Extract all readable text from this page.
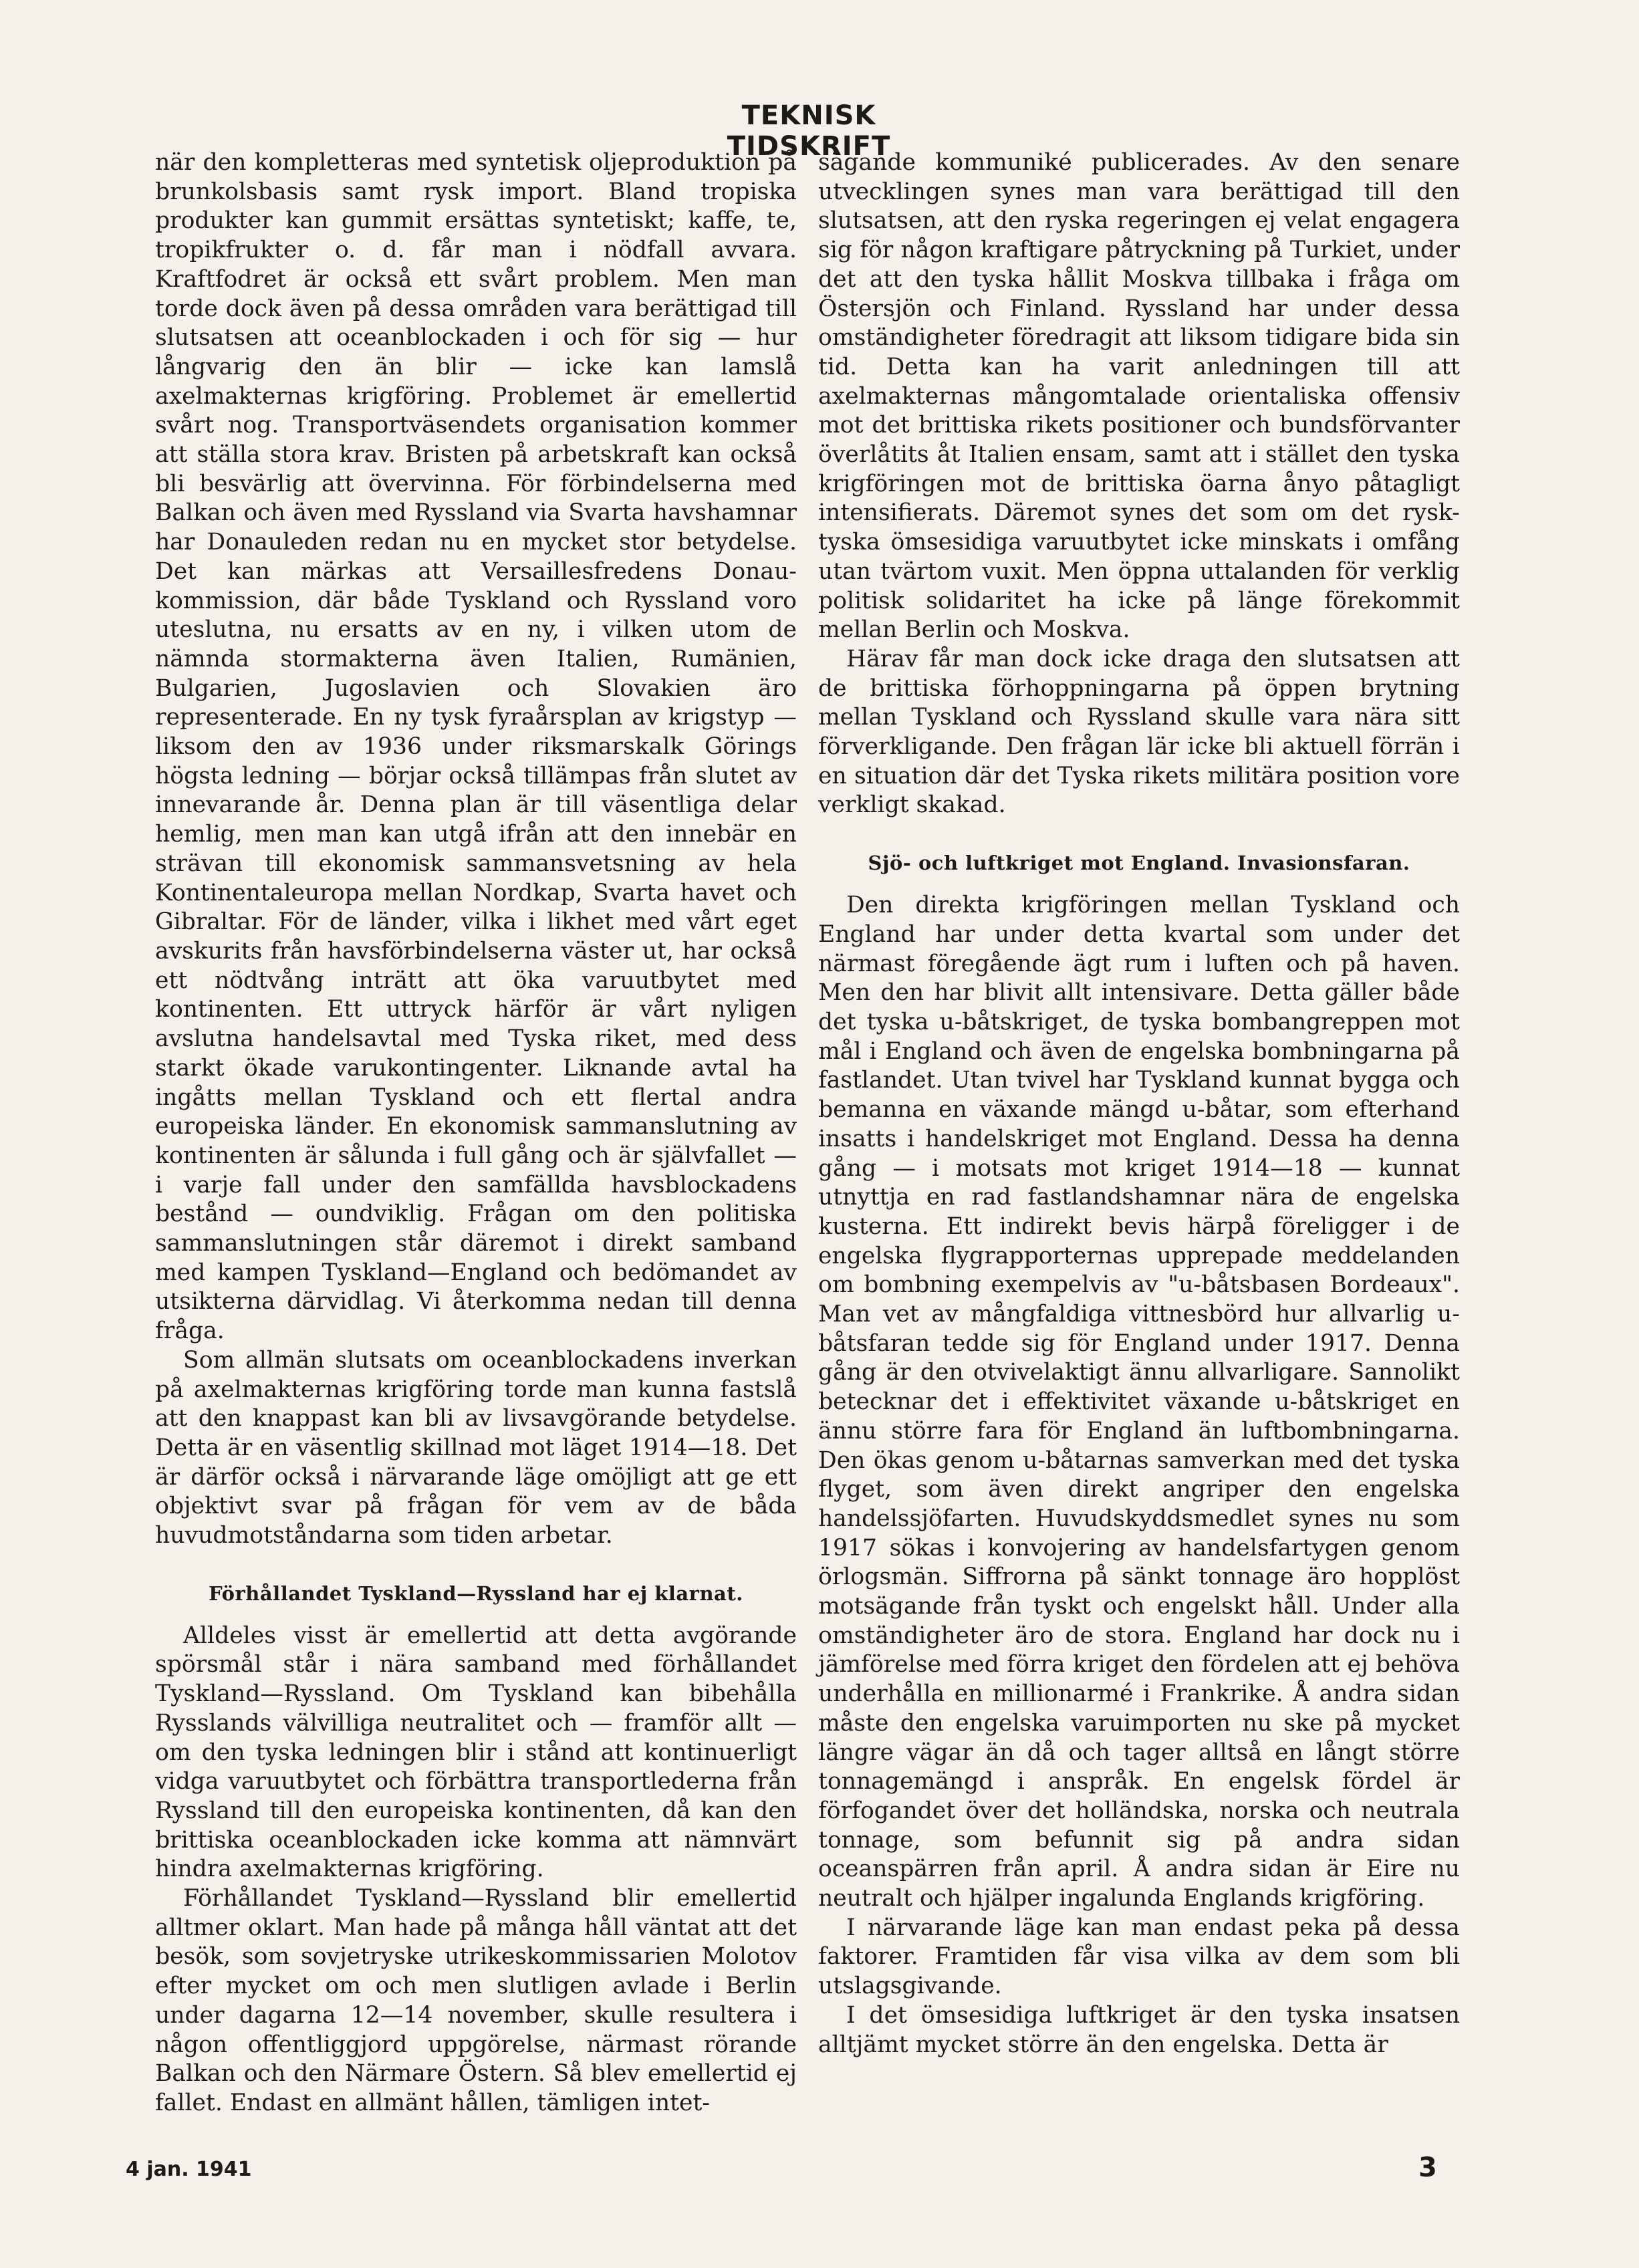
TEKNISK TIDSKRIFT

när den kompletteras med syntetisk oljeproduktion på brunkolsbasis samt rysk import. Bland tropiska produkter kan gummit ersättas syntetiskt; kaffe, te, tropikfrukter o. d. får man i nödfall avvara. Kraftfodret är också ett svårt problem. Men man torde dock även på dessa områden vara berättigad till slutsatsen att oceanblockaden i och för sig — hur långvarig den än blir — icke kan lamslå axelmakternas krigföring. Problemet är emellertid svårt nog. Transportväsendets organisation kommer att ställa stora krav. Bristen på arbetskraft kan också bli besvärlig att övervinna. För förbindelserna med Balkan och även med Ryssland via Svarta havshamnar har Donauleden redan nu en mycket stor betydelse. Det kan märkas att Versaillesfredens Donau-kommission, där både Tyskland och Ryssland voro uteslutna, nu ersatts av en ny, i vilken utom de nämnda stormakterna även Italien, Rumänien, Bulgarien, Jugoslavien och Slovakien äro representerade. En ny tysk fyraårsplan av krigstyp — liksom den av 1936 under riksmarskalk Görings högsta ledning — börjar också tillämpas från slutet av innevarande år. Denna plan är till väsentliga delar hemlig, men man kan utgå ifrån att den innebär en strävan till ekonomisk sammansvetsning av hela Kontinentaleuropa mellan Nordkap, Svarta havet och Gibraltar. För de länder, vilka i likhet med vårt eget avskurits från havsförbindelserna väster ut, har också ett nödtvång inträtt att öka varuutbytet med kontinenten. Ett uttryck härför är vårt nyligen avslutna handelsavtal med Tyska riket, med dess starkt ökade varukontingenter. Liknande avtal ha ingåtts mellan Tyskland och ett flertal andra europeiska länder. En ekonomisk sammanslutning av kontinenten är sålunda i full gång och är självfallet — i varje fall under den samfällda havsblockadens bestånd — oundviklig. Frågan om den politiska sammanslutningen står däremot i direkt samband med kampen Tyskland—England och bedömandet av utsikterna därvidlag. Vi återkomma nedan till denna fråga.

Som allmän slutsats om oceanblockadens inverkan på axelmakternas krigföring torde man kunna fastslå att den knappast kan bli av livsavgörande betydelse. Detta är en väsentlig skillnad mot läget 1914—18. Det är därför också i närvarande läge omöjligt att ge ett objektivt svar på frågan för vem av de båda huvudmotståndarna som tiden arbetar.

Förhållandet Tyskland—Ryssland har ej klarnat.

Alldeles visst är emellertid att detta avgörande spörsmål står i nära samband med förhållandet Tyskland—Ryssland. Om Tyskland kan bibehålla Rysslands välvilliga neutralitet och — framför allt — om den tyska ledningen blir i stånd att kontinuerligt vidga varuutbytet och förbättra transportlederna från Ryssland till den europeiska kontinenten, då kan den brittiska oceanblockaden icke komma att nämnvärt hindra axelmakternas krigföring.

Förhållandet Tyskland—Ryssland blir emellertid alltmer oklart. Man hade på många håll väntat att det besök, som sovjetryske utrikeskommissarien Molotov efter mycket om och men slutligen avlade i Berlin under dagarna 12—14 november, skulle resultera i någon offentliggjord uppgörelse, närmast rörande Balkan och den Närmare Östern. Så blev emellertid ej fallet. Endast en allmänt hållen, tämligen intet-

sägande kommuniké publicerades. Av den senare utvecklingen synes man vara berättigad till den slutsatsen, att den ryska regeringen ej velat engagera sig för någon kraftigare påtryckning på Turkiet, under det att den tyska hållit Moskva tillbaka i fråga om Östersjön och Finland. Ryssland har under dessa omständigheter föredragit att liksom tidigare bida sin tid. Detta kan ha varit anledningen till att axelmakternas mångomtalade orientaliska offensiv mot det brittiska rikets positioner och bundsförvanter överlåtits åt Italien ensam, samt att i stället den tyska krigföringen mot de brittiska öarna ånyo påtagligt intensifierats. Däremot synes det som om det rysk-tyska ömsesidiga varuutbytet icke minskats i omfång utan tvärtom vuxit. Men öppna uttalanden för verklig politisk solidaritet ha icke på länge förekommit mellan Berlin och Moskva.

Härav får man dock icke draga den slutsatsen att de brittiska förhoppningarna på öppen brytning mellan Tyskland och Ryssland skulle vara nära sitt förverkligande. Den frågan lär icke bli aktuell förrän i en situation där det Tyska rikets militära position vore verkligt skakad.

Sjö- och luftkriget mot England. Invasionsfaran.

Den direkta krigföringen mellan Tyskland och England har under detta kvartal som under det närmast föregående ägt rum i luften och på haven. Men den har blivit allt intensivare. Detta gäller både det tyska u-båtskriget, de tyska bombangreppen mot mål i England och även de engelska bombningarna på fastlandet. Utan tvivel har Tyskland kunnat bygga och bemanna en växande mängd u-båtar, som efterhand insatts i handelskriget mot England. Dessa ha denna gång — i motsats mot kriget 1914—18 — kunnat utnyttja en rad fastlandshamnar nära de engelska kusterna. Ett indirekt bevis härpå föreligger i de engelska flygrapporternas upprepade meddelanden om bombning exempelvis av "u-båtsbasen Bordeaux". Man vet av mångfaldiga vittnesbörd hur allvarlig u-båtsfaran tedde sig för England under 1917. Denna gång är den otvivelaktigt ännu allvarligare. Sannolikt betecknar det i effektivitet växande u-båtskriget en ännu större fara för England än luftbombningarna. Den ökas genom u-båtarnas samverkan med det tyska flyget, som även direkt angriper den engelska handelssjöfarten. Huvudskyddsmedlet synes nu som 1917 sökas i konvojering av handelsfartygen genom örlogsmän. Siffrorna på sänkt tonnage äro hopplöst motsägande från tyskt och engelskt håll. Under alla omständigheter äro de stora. England har dock nu i jämförelse med förra kriget den fördelen att ej behöva underhålla en millionarmé i Frankrike. Å andra sidan måste den engelska varuimporten nu ske på mycket längre vägar än då och tager alltså en långt större tonnagemängd i anspråk. En engelsk fördel är förfogandet över det holländska, norska och neutrala tonnage, som befunnit sig på andra sidan oceanspärren från april. Å andra sidan är Eire nu neutralt och hjälper ingalunda Englands krigföring.

I närvarande läge kan man endast peka på dessa faktorer. Framtiden får visa vilka av dem som bli utslagsgivande.

I det ömsesidiga luftkriget är den tyska insatsen alltjämt mycket större än den engelska. Detta är

4 jan. 1941	3
